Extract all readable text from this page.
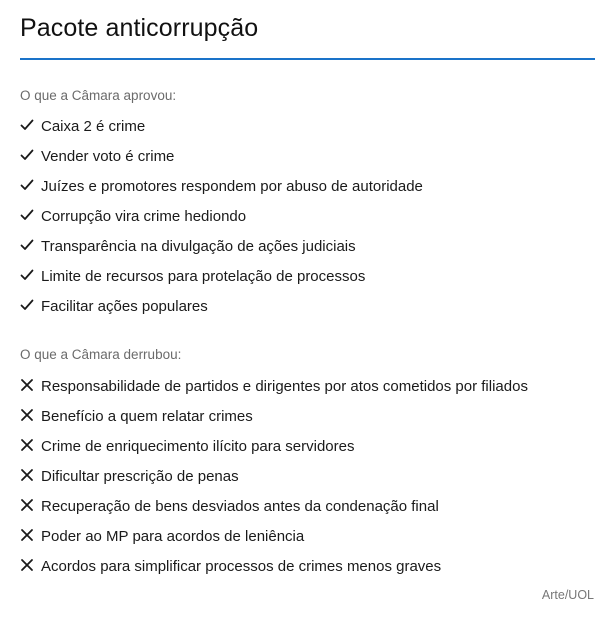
Pacote anticorrupção
O que a Câmara aprovou:
Caixa 2 é crime
Vender voto é crime
Juízes e promotores respondem por abuso de autoridade
Corrupção vira crime hediondo
Transparência na divulgação de ações judiciais
Limite de recursos para protelação de processos
Facilitar ações populares
O que a Câmara derrubou:
Responsabilidade de partidos e dirigentes por atos cometidos por filiados
Benefício a quem relatar crimes
Crime de enriquecimento ilícito para servidores
Dificultar prescrição de penas
Recuperação de bens desviados antes da condenação final
Poder ao MP para acordos de leniência
Acordos para simplificar processos de crimes menos graves
Arte/UOL
